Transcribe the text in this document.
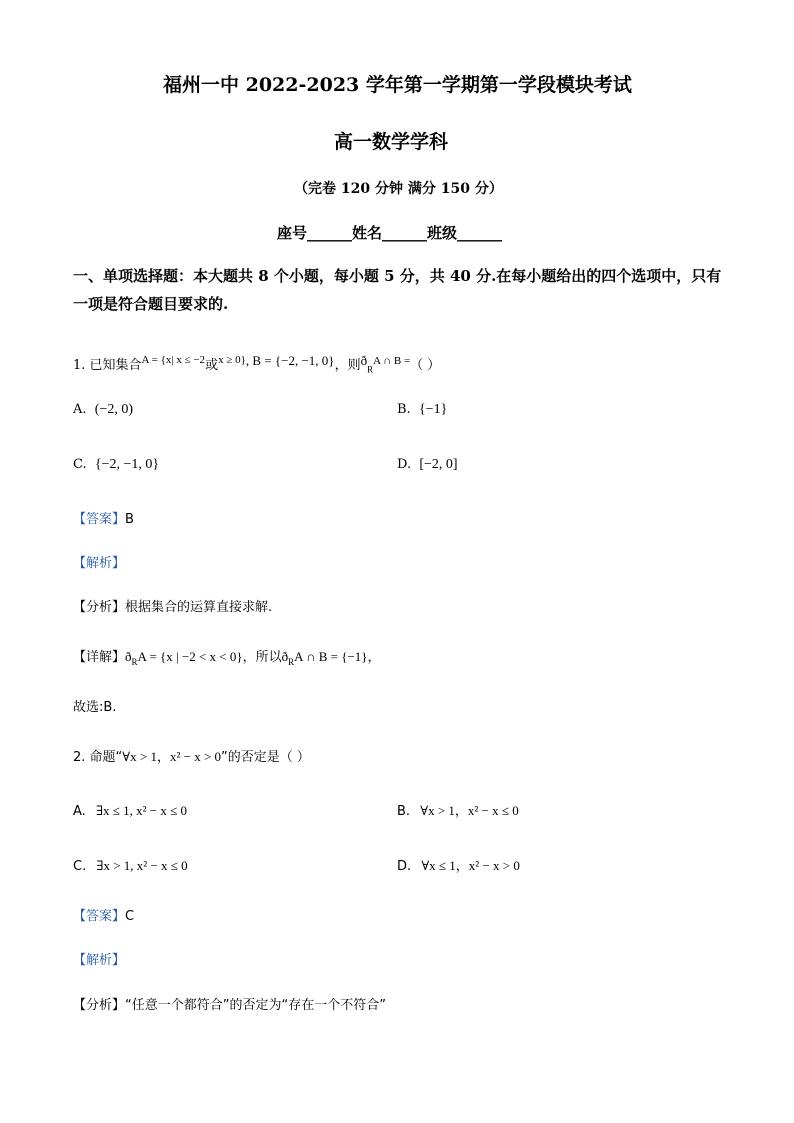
福州一中 2022-2023 学年第一学期第一学段模块考试
高一数学学科
（完卷 120 分钟 满分 150 分）
座号______姓名______班级______
一、单项选择题：本大题共 8 个小题，每小题 5 分，共 40 分.在每小题给出的四个选项中，只有一项是符合题目要求的.
1. 已知集合$^{A = \{x| x \le -2}$或$^{x \ge 0\}}$, B = {−2, −1, 0}，则$ð_R^{A \cap B =}$（ ）
A. (−2, 0)	B. {−1}
C. {−2, −1, 0}	D. [−2, 0]
【答案】B
【解析】
【分析】根据集合的运算直接求解.
【详解】$ð_RA = \{x$ | −2 < x < 0}，所以$ð_RA$ ∩ B = {−1}，
故选:B.
2. 命题“∀x > 1，x² − x > 0”的否定是（ ）
A. ∃x ≤ 1, x² − x ≤ 0	B. ∀x > 1，x² − x ≤ 0
C. ∃x > 1, x² − x ≤ 0	D. ∀x ≤ 1，x² − x > 0
【答案】C
【解析】
【分析】“任意一个都符合”的否定为“存在一个不符合”
